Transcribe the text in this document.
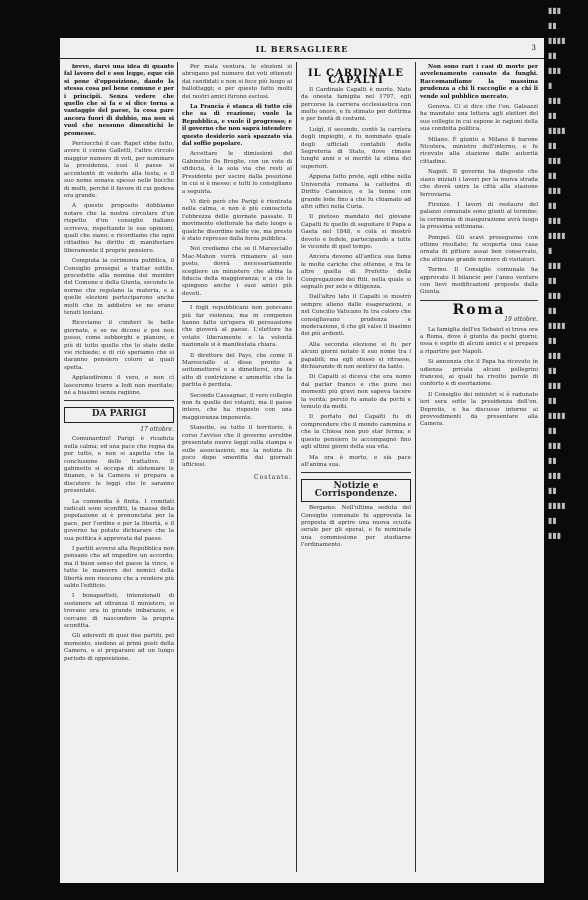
▮▮▮
▮▮
▮▮▮▮
▮▮
▮▮▮
▮
▮▮▮
▮▮
▮▮▮▮
▮▮
▮▮▮
▮▮
▮▮▮
▮▮
▮▮▮
▮▮▮▮
▮
▮▮▮
▮▮
▮▮▮
▮▮
▮▮▮▮
▮▮
▮▮▮
▮▮
▮▮▮
▮▮
▮▮▮▮
▮▮
▮▮▮
▮▮
▮▮▮
▮▮
▮▮▮▮
▮▮
▮▮▮
IL BERSAGLIERE	3

breve, darvi una idea di quanto fal lavoro del e son legge, eque ciò si pone d'opposizione, dando la stessa cosa pel bene comune e per i principii. Senza vedere che quello che si fa e si dice torna a vantaggio del paese, la cosa pare ancora fuori di dubbio, ma non si vuol che nessuno dimentichi le promesse.

Perciocché il cav. Rapet ebbe fatto, avere il cenno Galletti, l'altro circolo maggior numero di voti, per nominare la presidenza, così il paese si accontentò di vederlo alla testa, e il suo nome sonava spesso nelle bocche di molti, perché il favore di cui godeva era grande.

A questo proposito dobbiamo notare che la nostra circolare d'un rispetto d'un consiglio italiano scriveva, rispettando le sue opinioni, quali che siano; e ricordiamo che ogni cittadino ha diritto di manifestare liberamente il proprio pensiero.

Compiuta la cerimonia pubblica, il Consiglio proseguì a trattar sottilo, procedette alla nomina dei membri del Comune e della Giunta, secondo le norme che regolano la materia, e a quelle elezioni parteciparono anche molti che in addietro se ne erano tenuti lontani.

Riceviamo il cimiteri le belle giornate, e se ne dicono e poi non posso, come sobborghi e pianure, e più di tutto quello che lo stato delle vie richiede; e di ciò speriamo che si daranno pensiero coloro ai quali spetta.

Applaudiremo il vero, e non ci lasceremo trarre a lodi non meritate; né a biasimi senza ragione.

DA PARIGI
17 ottobre.

Comunardini! Parigi è ricaduta nella calma; ed una pace che regna da per tutto, e non si aspetta che la conclusione delle trattative. Il gabinetto si occupa di sistemare le finanze, e la Camera si prepara a discutere le leggi che le saranno presentate.

La commedia è finita. I comitati radicali sono sconfitti, la massa della popolazione si è pronunciata per la pace, per l'ordine e per la libertà, e il governo ha potuto dichiarare che la sua politica è approvata dal paese.

I partiti avversi alla Repubblica non pensano che ad impedire un accordo; ma il buon senso del paese la vince, e tutte le manovre dei nemici della libertà non riescono che a rendere più saldo l'edificio.

I bonapartisti, intenzionati di sostenere ad oltranza il ministero, si trovano ora in grande imbarazzo, e cercano di nascondere la propria sconfitta.

Gli aderenti di quei due partiti, pel momento, siedono ai primi posti della Camera, e si preparano ad un lungo periodo di opposizione.

Per mala ventura, le elezioni si abrogano pel numero dei voti ottenuti dai candidati e non si fece più luogo ai ballottaggi; e per questo fatto molti dei nostri amici furono esclusi.

La Francia è stanca di tutto ciò che sa di reazione; vuole la Repubblica, e vuole il progresso; e il governo che non saprà intendere questo desiderio sarà spazzato via dal soffio popolare.

Accettare le dimissioni del Gabinetto De Broglie, con un voto di sfiducia, è la sola via che resti al Presidente per uscire dalla posizione in cui si è messo; e tutti lo consigliano a seguirla.

Vi dirò però che Parigi è rientrata nella calma, e non è più conosciuta l'ebbrezza delle giornate passate. Il movimento elettorale ha dato luogo a qualche disordine nelle vie, ma presto è stato represso dalla forza pubblica.

Noi crediamo che se il Maresciallo Mac-Mahon vorrà rimanere al suo posto, dovrà necessariamente scegliere un ministero che abbia la fiducia della maggioranza; e a ciò lo spingono anche i suoi amici più devoti.

I fogli repubblicani non potevano più far violenza; ma in compenso hanno fatto un'opera di persuasione che gioverà al paese. L'elettore ha votato liberamente e la volontà nazionale si è manifestata chiara.

Il direttore del Pays, che come il Maresciallo si disse pronto a sottomettersi o a dimettersi, ora fa atto di contrizione e ammette che la partita è perduta.

Secondo Cassagnac, il vero collegio non fu quello dei votanti, ma il paese intero, che ha risposto con una maggioranza imponente.

Stanotte, su tutto il territorio, è corso l'avviso che il governo avrebbe presentate nuove leggi sulla stampa e sulle associazioni; ma la notizia fu poco dopo smentita dai giornali ufficiosi.

Costante.
IL CARDINALE CAPALTI

Il Cardinale Capalti è morto. Nato da onesta famiglia nel 1797, egli percorse la carriera ecclesiastica con molto onore, e fu stimato per dottrina e per bontà di costumi.

Luigi, il secondo, contò la carriera degli impieghi, e fu nominato quale degli ufficiali contabili della Segreteria di Stato, dove rimase lunghi anni e si meritò la stima dei superiori.

Appena fatto prete, egli ebbe nella Università romana la cattedra di Diritto Canonico, e la tenne con grande lode fino a che fu chiamato ad altri uffici nella Curia.

Il pietoso mandato del giovane Capalti fu quello di seguitare il Papa a Gaeta nel 1848, e colà si mostrò devoto e fedele, partecipando a tutte le vicende di quel tempo.

Ancora devono all'antica sua fama le molte cariche che ottenne, e fra le altre quella di Prefetto della Congregazione dei Riti, nella quale si segnalò per zelo e diligenza.

Dall'altro lato il Capalti si mostrò sempre alieno dalle esagerazioni, e nel Concilio Vaticano fu tra coloro che consigliavano prudenza e moderazione, il che gli valse il biasimo dei più ardenti.

Alla seconda elezione si fu per alcuni giorni notato il suo nome tra i papabili; ma egli stesso si ritrasse, dichiarando di non sentirsi da tanto.

Di Capalti si diceva che era uomo dal parlar franco e che pure nei momenti più gravi non sapeva tacere la verità; perciò fu amato da pochi e temuto da molti.

Il portato del Capalti fu di comprendere che il mondo cammina e che la Chiesa non può star ferma; e questo pensiero lo accompagnò fino agli ultimi giorni della sua vita.

Ma ora è morto, e sia pace all'anima sua.

Notizie e Corrispondenze.

Bergamo. Nell'ultima seduta del Consiglio comunale fu approvata la proposta di aprire una nuova scuola serale per gli operai, e fu nominata una commissione per studiarne l'ordinamento.

Non sono rari i casi di morte per avvelenamento causato da funghi. Raccomandiamo la massima prudenza a chi li raccoglie e a chi li vende sul pubblico mercato.

Genova. Ci si dice che l'on. Galeazzi ha mandato una lettera agli elettori del suo collegio in cui espone le ragioni della sua condotta politica.

Milano. È giunto a Milano il barone Nicotera, ministro dell'interno, e fu ricevuto alla stazione dalle autorità cittadine.

Napoli. Il governo ha disposto che siano iniziati i lavori per la nuova strada che dovrà unire la città alla stazione ferroviaria.

Firenze. I lavori di restauro del palazzo comunale sono giunti al termine; la cerimonia di inaugurazione avrà luogo la prossima settimana.

Pompei. Gli scavi proseguono con ottimo risultato; fu scoperta una casa ornata di pitture assai ben conservate, che attirano grande numero di visitatori.

Torino. Il Consiglio comunale ha approvato il bilancio per l'anno venturo con lievi modificazioni proposte dalla Giunta.

Roma
19 ottobre.

La famiglia dell'ex Sebaiot si trova ora a Roma, dove è giunta da pochi giorni; essa è ospite di alcuni amici e si prepara a ripartire per Napoli.

Si annunzia che il Papa ha ricevuto in udienza privata alcuni pellegrini francesi, ai quali ha rivolto parole di conforto e di esortazione.

Il Consiglio dei ministri si è radunato ieri sera sotto la presidenza dell'on. Depretis, e ha discusso intorno ai provvedimenti da presentare alla Camera.
